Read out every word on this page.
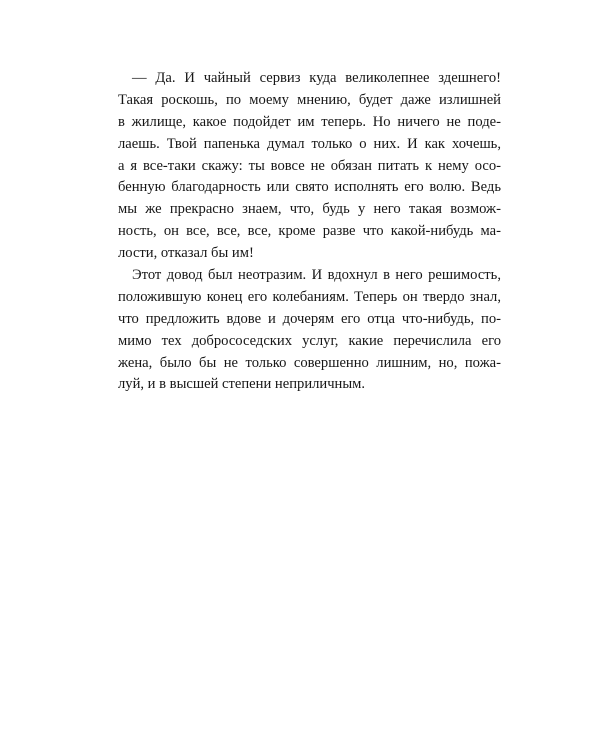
— Да. И чайный сервиз куда великолепнее здешнего!
Такая роскошь, по моему мнению, будет даже излишней
в жилище, какое подойдет им теперь. Но ничего не поде-
лаешь. Твой папенька думал только о них. И как хочешь,
а я все-таки скажу: ты вовсе не обязан питать к нему осо-
бенную благодарность или свято исполнять его волю. Ведь
мы же прекрасно знаем, что, будь у него такая возмож-
ность, он все, все, все, кроме разве что какой-нибудь ма-
лости, отказал бы им!
Этот довод был неотразим. И вдохнул в него решимость,
положившую конец его колебаниям. Теперь он твердо знал,
что предложить вдове и дочерям его отца что-нибудь, по-
мимо тех добрососедских услуг, какие перечислила его
жена, было бы не только совершенно лишним, но, пожа-
луй, и в высшей степени неприличным.
